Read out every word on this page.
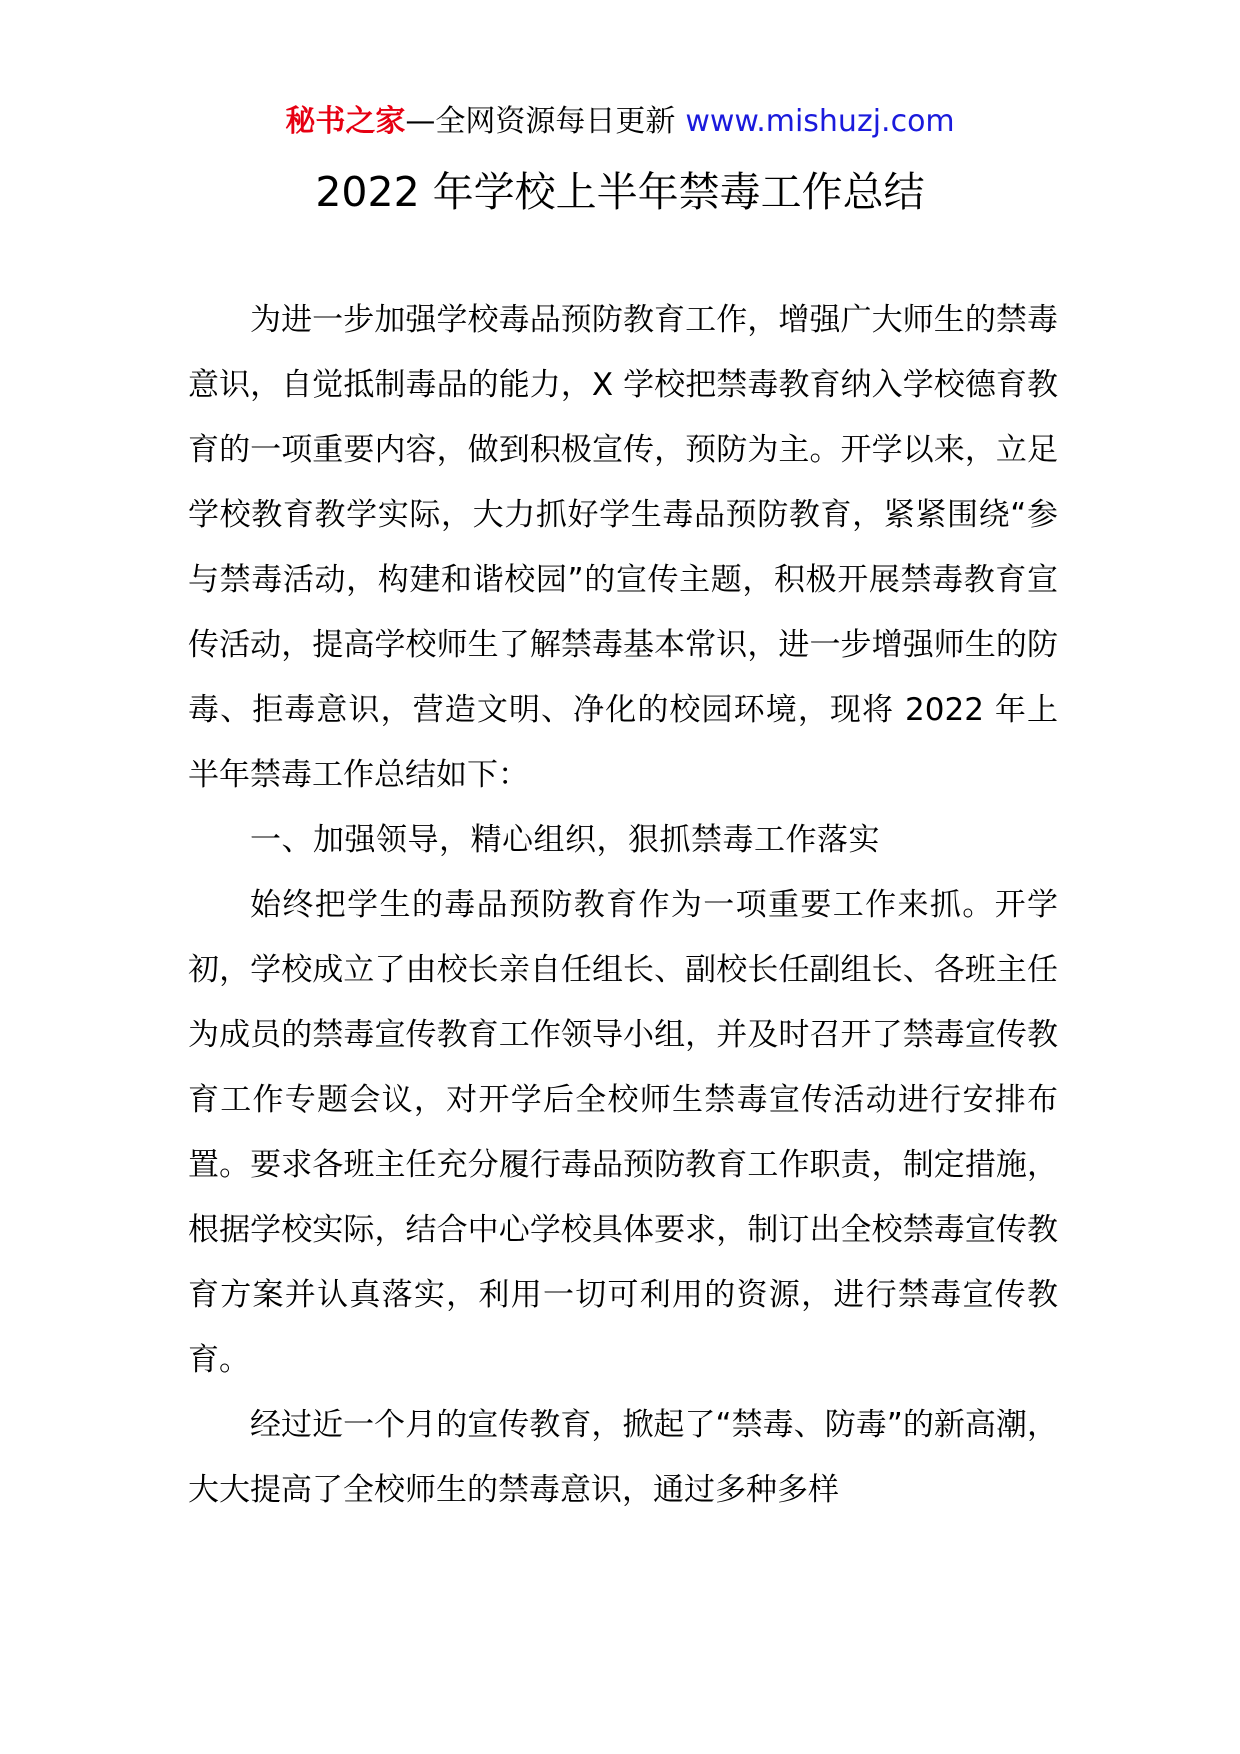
秘书之家—全网资源每日更新 www.mishuzj.com
2022 年学校上半年禁毒工作总结

为进一步加强学校毒品预防教育工作，增强广大师生的禁毒意识，自觉抵制毒品的能力，X 学校把禁毒教育纳入学校德育教育的一项重要内容，做到积极宣传，预防为主。开学以来，立足学校教育教学实际，大力抓好学生毒品预防教育，紧紧围绕“参与禁毒活动，构建和谐校园”的宣传主题，积极开展禁毒教育宣传活动，提高学校师生了解禁毒基本常识，进一步增强师生的防毒、拒毒意识，营造文明、净化的校园环境，现将 2022 年上半年禁毒工作总结如下：

一、加强领导，精心组织，狠抓禁毒工作落实

始终把学生的毒品预防教育作为一项重要工作来抓。开学初，学校成立了由校长亲自任组长、副校长任副组长、各班主任为成员的禁毒宣传教育工作领导小组，并及时召开了禁毒宣传教育工作专题会议，对开学后全校师生禁毒宣传活动进行安排布置。要求各班主任充分履行毒品预防教育工作职责，制定措施，根据学校实际，结合中心学校具体要求，制订出全校禁毒宣传教育方案并认真落实，利用一切可利用的资源，进行禁毒宣传教育。

经过近一个月的宣传教育，掀起了“禁毒、防毒”的新高潮，大大提高了全校师生的禁毒意识，通过多种多样
